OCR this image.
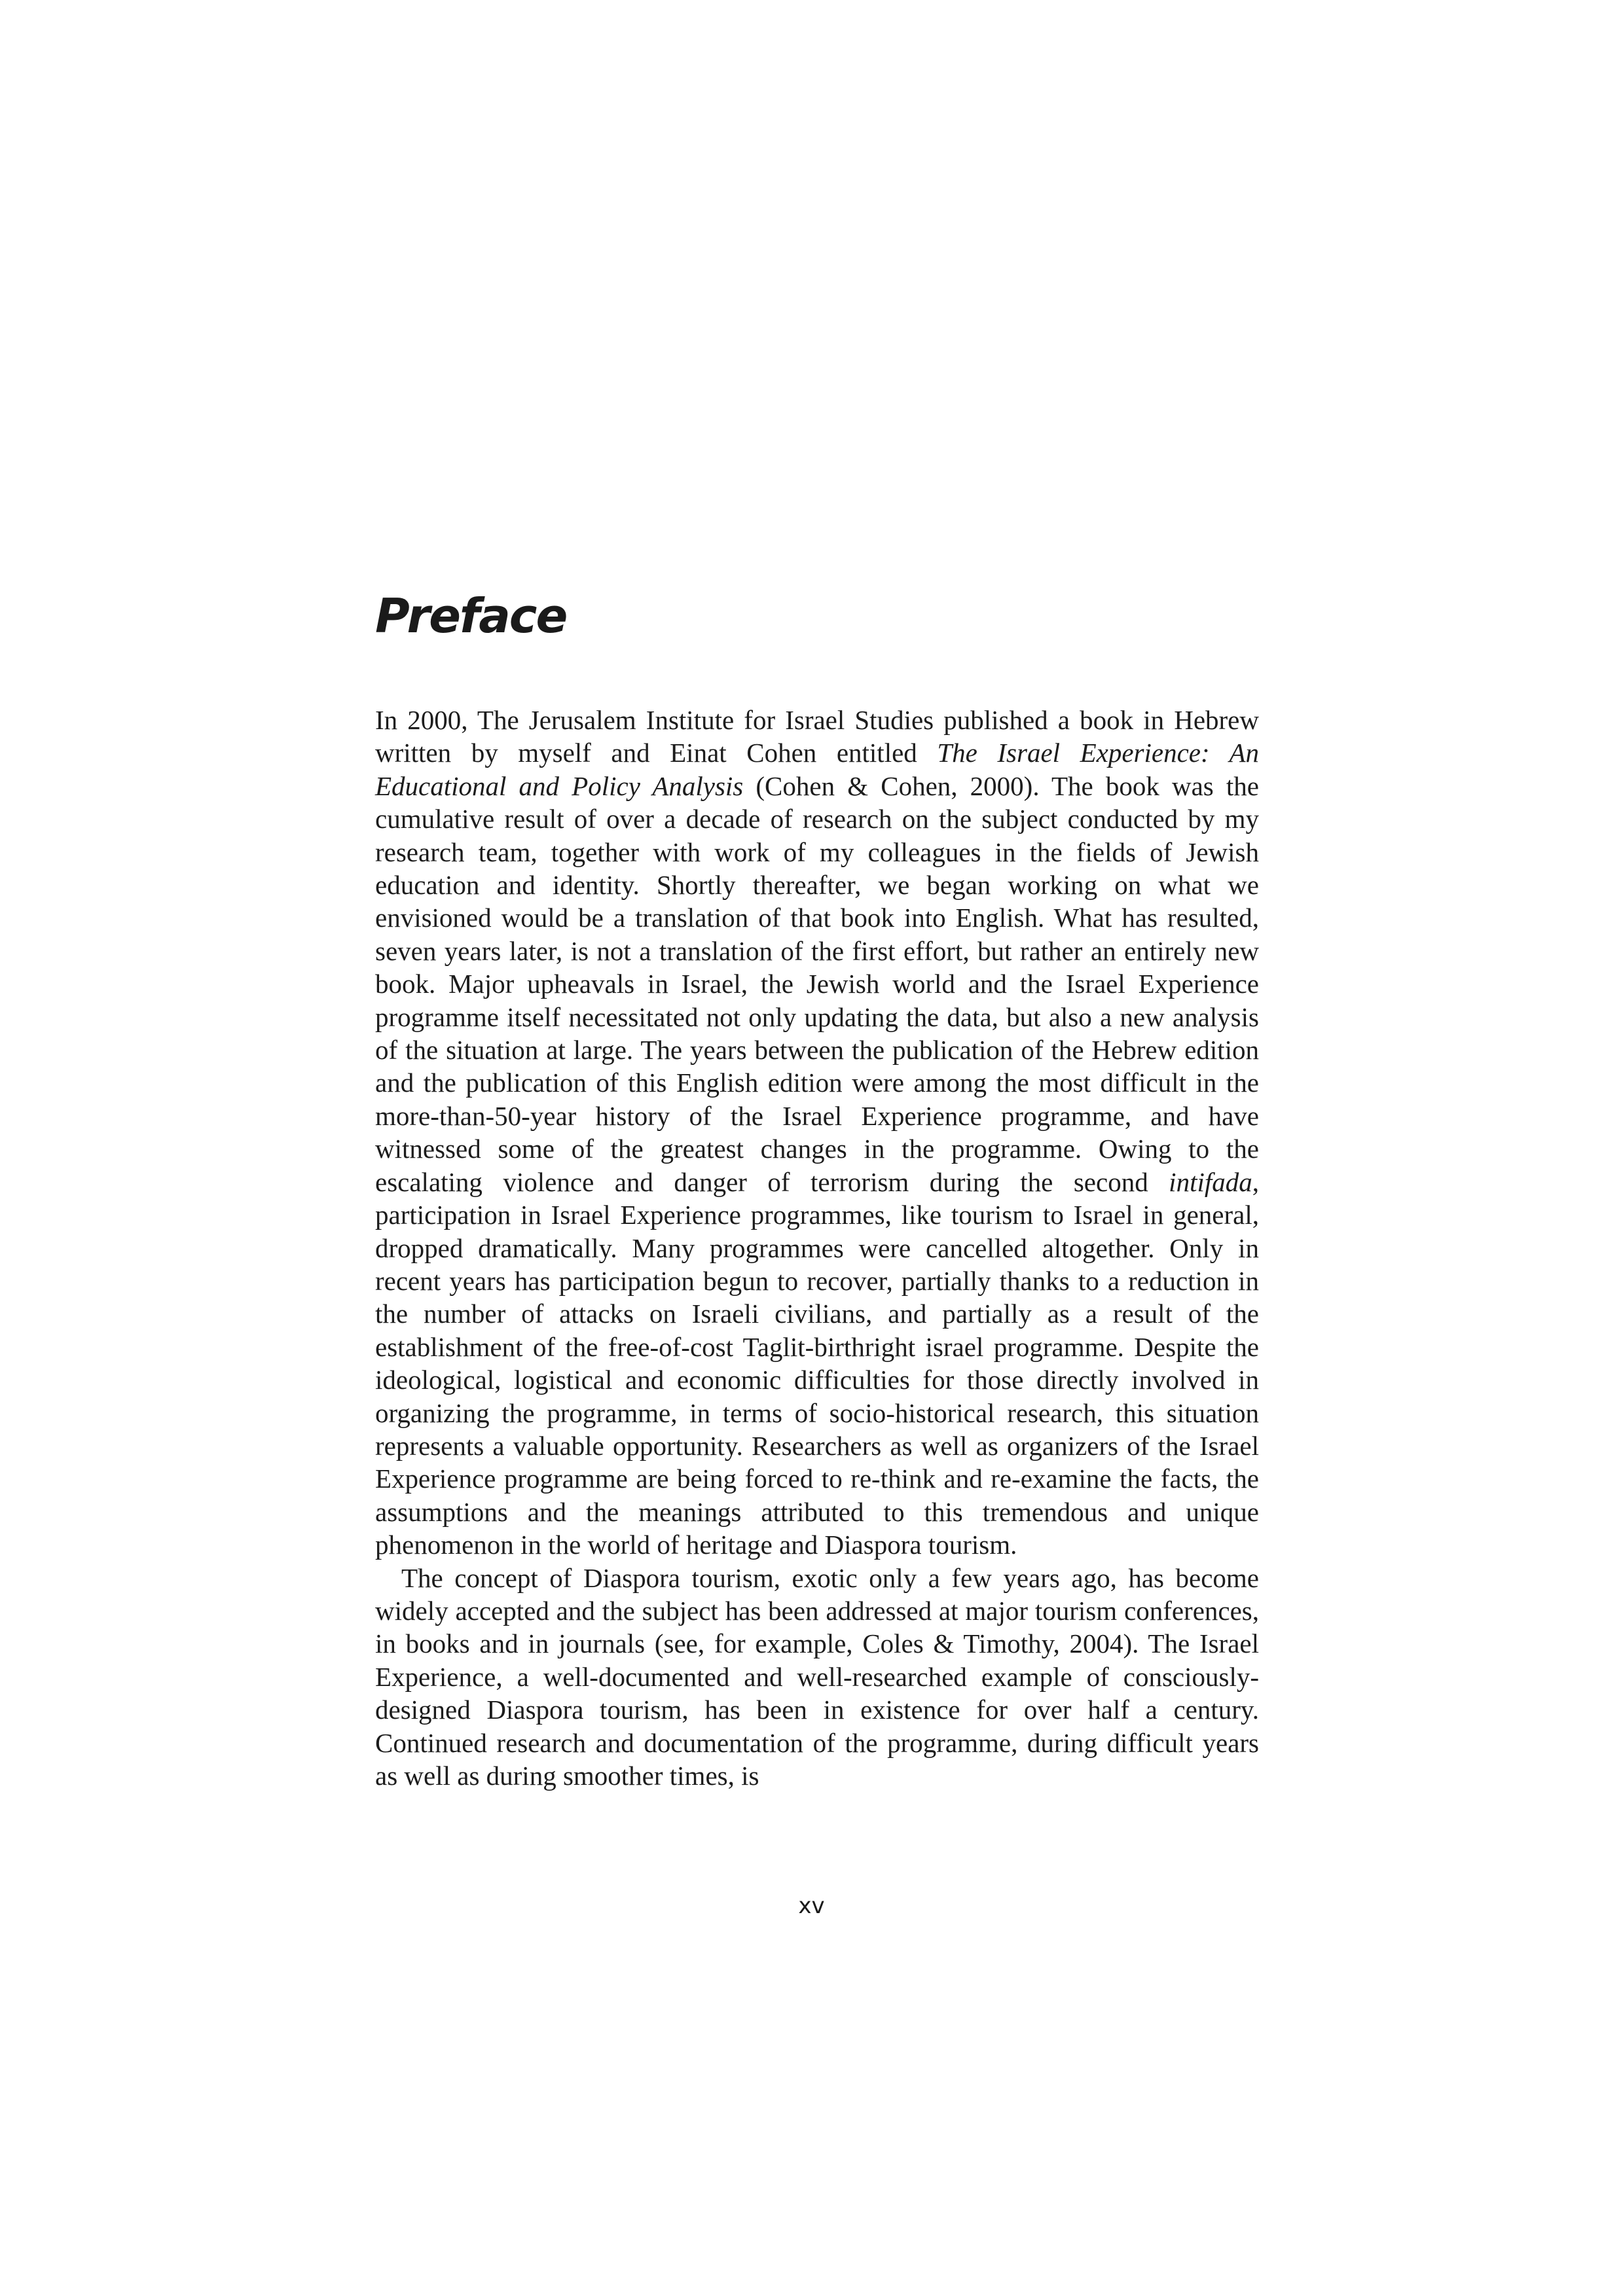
Preface

In 2000, The Jerusalem Institute for Israel Studies published a book in Hebrew written by myself and Einat Cohen entitled The Israel Experience: An Educational and Policy Analysis (Cohen & Cohen, 2000). The book was the cumulative result of over a decade of research on the subject conducted by my research team, together with work of my colleagues in the fields of Jewish education and identity. Shortly thereafter, we began working on what we envisioned would be a translation of that book into English. What has resulted, seven years later, is not a translation of the first effort, but rather an entirely new book. Major upheavals in Israel, the Jewish world and the Israel Experience programme itself necessitated not only updating the data, but also a new analysis of the situation at large. The years between the publication of the Hebrew edition and the publication of this English edition were among the most difficult in the more-than-50-year history of the Israel Experience programme, and have witnessed some of the greatest changes in the programme. Owing to the escalating violence and danger of terrorism during the second intifada, participation in Israel Experience programmes, like tourism to Israel in general, dropped dramatically. Many programmes were cancelled altogether. Only in recent years has participation begun to recover, partially thanks to a reduction in the number of attacks on Israeli civilians, and partially as a result of the establishment of the free-of-cost Taglit-birthright israel programme. Despite the ideological, logistical and economic difficulties for those directly involved in organizing the programme, in terms of socio-historical research, this situation represents a valuable opportunity. Researchers as well as organizers of the Israel Experience programme are being forced to re-think and re-examine the facts, the assumptions and the meanings attributed to this tremendous and unique phenomenon in the world of heritage and Diaspora tourism.

The concept of Diaspora tourism, exotic only a few years ago, has become widely accepted and the subject has been addressed at major tourism conferences, in books and in journals (see, for example, Coles & Timothy, 2004). The Israel Experience, a well-documented and well-researched example of consciously-designed Diaspora tourism, has been in existence for over half a century. Continued research and documentation of the programme, during difficult years as well as during smoother times, is

xv
